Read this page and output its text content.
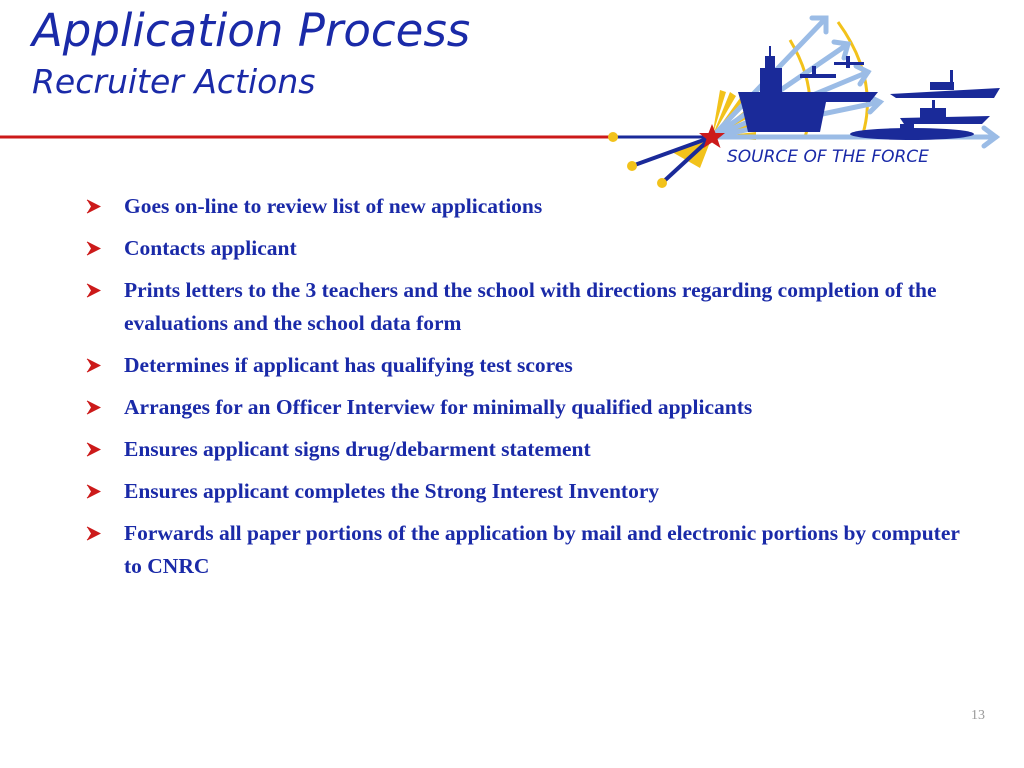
Application Process
Recruiter Actions
SOURCE OF THE FORCE
Goes on-line to review list of new applications
Contacts applicant
Prints letters to the 3 teachers and the school with directions regarding completion of the evaluations and the school data form
Determines if applicant has qualifying test scores
Arranges for an Officer Interview for minimally qualified applicants
Ensures applicant signs drug/debarment statement
Ensures applicant completes the Strong Interest Inventory
Forwards all paper portions of the application by mail and electronic portions by computer to CNRC
13
